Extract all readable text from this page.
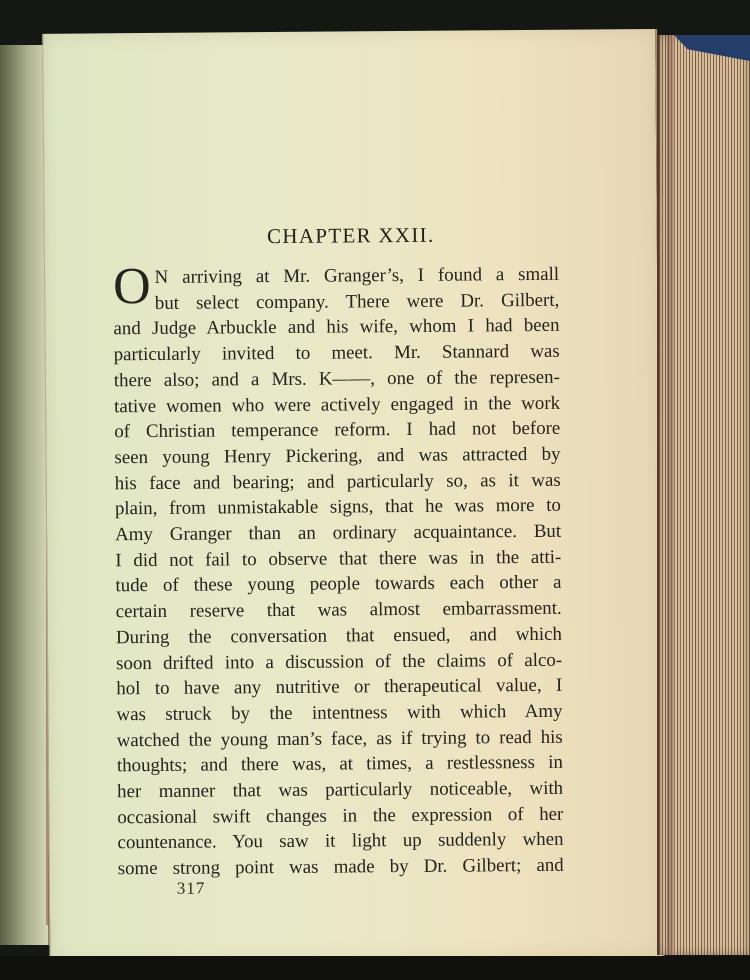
CHAPTER XXII.
O N arriving at Mr. Granger’s, I found a small
but select company. There were Dr. Gilbert,
and Judge Arbuckle and his wife, whom I had been
particularly invited to meet. Mr. Stannard was
there also; and a Mrs. K——, one of the represen-
tative women who were actively engaged in the work
of Christian temperance reform. I had not before
seen young Henry Pickering, and was attracted by
his face and bearing; and particularly so, as it was
plain, from unmistakable signs, that he was more to
Amy Granger than an ordinary acquaintance. But
I did not fail to observe that there was in the atti-
tude of these young people towards each other a
certain reserve that was almost embarrassment.
During the conversation that ensued, and which
soon drifted into a discussion of the claims of alco-
hol to have any nutritive or therapeutical value, I
was struck by the intentness with which Amy
watched the young man’s face, as if trying to read his
thoughts; and there was, at times, a restlessness in
her manner that was particularly noticeable, with
occasional swift changes in the expression of her
countenance. You saw it light up suddenly when
some strong point was made by Dr. Gilbert; and
317
